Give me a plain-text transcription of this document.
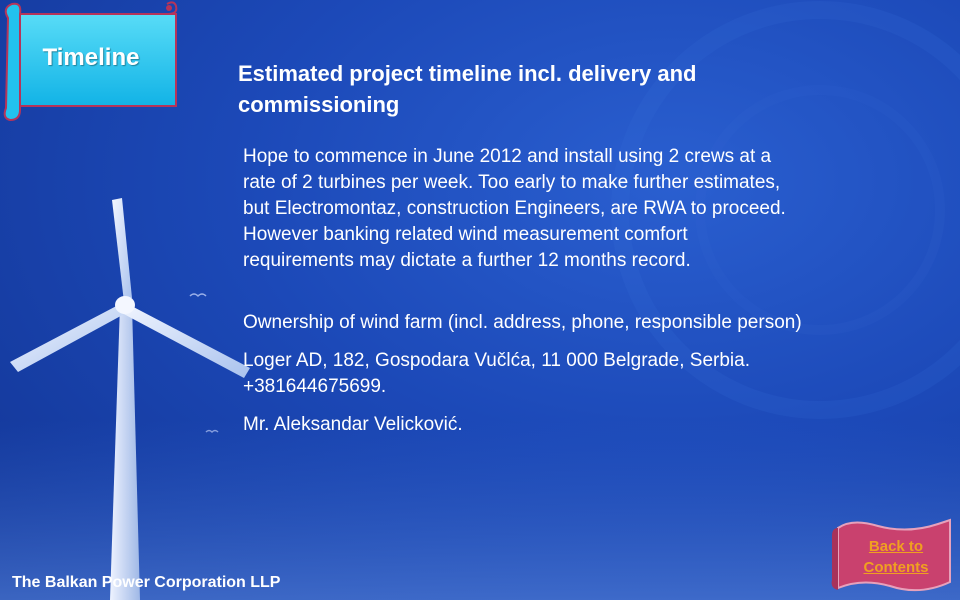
Timeline
Estimated project timeline incl. delivery and commissioning

Hope to commence in June 2012 and install using 2 crews at a rate of 2 turbines per week. Too early to make further estimates, but Electromontaz, construction Engineers, are RWA to proceed. However banking related wind measurement comfort requirements may dictate a further 12 months record.

Ownership of wind farm (incl. address, phone, responsible person)

Loger AD, 182, Gospodara Vučlća, 11 000 Belgrade, Serbia. +381644675699.

Mr. Aleksandar Velicković.

The Balkan Power Corporation LLP
Back to Contents
